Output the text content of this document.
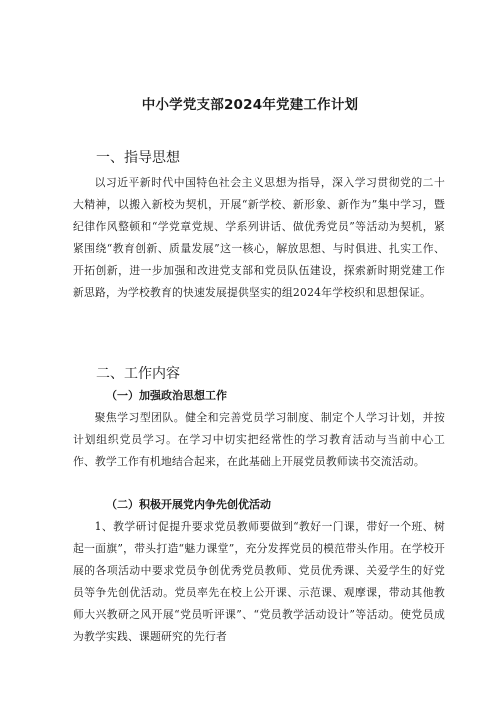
中小学党支部2024年党建工作计划
一、指导思想

以习近平新时代中国特色社会主义思想为指导，深入学习贯彻党的二十大精神，以搬入新校为契机，开展“新学校、新形象、新作为”集中学习，暨纪律作风整顿和“学党章党规、学系列讲话、做优秀党员”等活动为契机，紧紧围绕“教育创新、质量发展”这一核心，解放思想、与时俱进、扎实工作、开拓创新，进一步加强和改进党支部和党员队伍建设，探索新时期党建工作新思路，为学校教育的快速发展提供坚实的组2024年学校织和思想保证。

二、工作内容
（一）加强政治思想工作

聚焦学习型团队。健全和完善党员学习制度、制定个人学习计划，并按计划组织党员学习。在学习中切实把经常性的学习教育活动与当前中心工作、教学工作有机地结合起来，在此基础上开展党员教师读书交流活动。

（二）积极开展党内争先创优活动

1、教学研讨促提升要求党员教师要做到“教好一门课，带好一个班、树起一面旗”，带头打造“魅力课堂”，充分发挥党员的模范带头作用。在学校开展的各项活动中要求党员争创优秀党员教师、党员优秀课、关爱学生的好党员等争先创优活动。党员率先在校上公开课、示范课、观摩课，带动其他教师大兴教研之风开展“党员听评课”、“党员教学活动设计”等活动。使党员成为教学实践、课题研究的先行者
